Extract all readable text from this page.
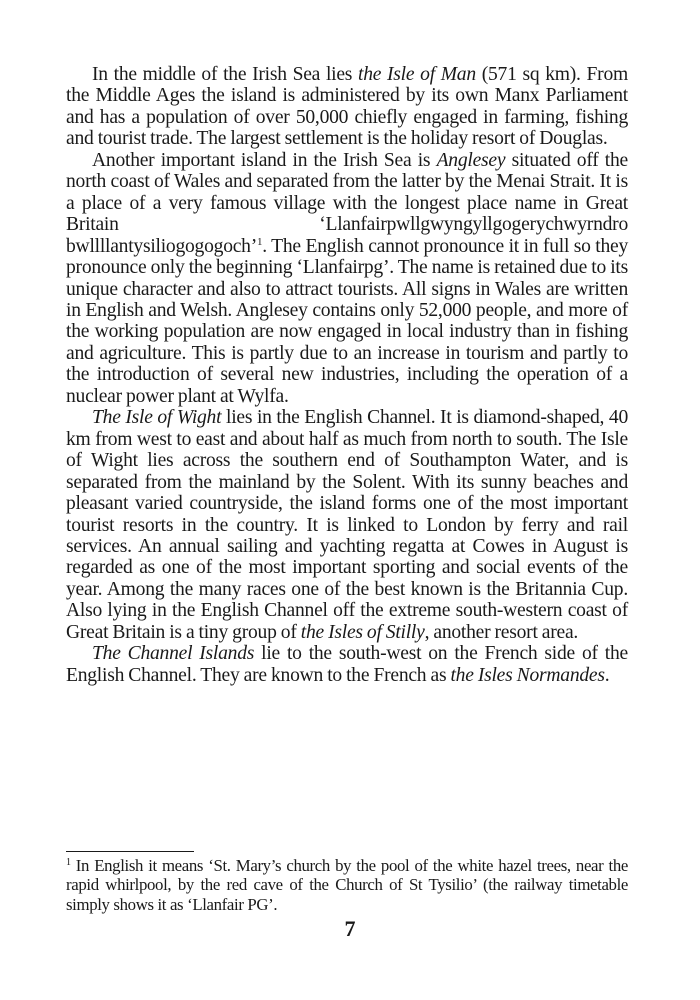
In the middle of the Irish Sea lies the Isle of Man (571 sq km). From the Middle Ages the island is administered by its own Manx Parliament and has a population of over 50,000 chiefly engaged in farming, fishing and tourist trade. The largest settlement is the holiday resort of Douglas.

Another important island in the Irish Sea is Anglesey situated off the north coast of Wales and separated from the latter by the Menai Strait. It is a place of a very famous village with the longest place name in Great Britain ‘Llanfairpwllgwyngyllgogerychwyrndro bwllllantysiliogogogoch’$^1$. The English cannot pronounce it in full so they pronounce only the beginning ‘Llanfairpg’. The name is retained due to its unique character and also to attract tourists. All signs in Wales are written in English and Welsh. Anglesey contains only 52,000 people, and more of the working population are now engaged in local industry than in fishing and agriculture. This is partly due to an increase in tourism and partly to the introduction of several new industries, including the operation of a nuclear power plant at Wylfa.

The Isle of Wight lies in the English Channel. It is diamond-shaped, 40 km from west to east and about half as much from north to south. The Isle of Wight lies across the southern end of Southampton Water, and is separated from the mainland by the Solent. With its sunny beaches and pleasant varied countryside, the island forms one of the most important tourist resorts in the country. It is linked to London by ferry and rail services. An annual sailing and yachting regatta at Cowes in August is regarded as one of the most important sporting and social events of the year. Among the many races one of the best known is the Britannia Cup. Also lying in the English Channel off the extreme south-western coast of Great Britain is a tiny group of the Isles of Stilly, another resort area.

The Channel Islands lie to the south-west on the French side of the English Channel. They are known to the French as the Isles Normandes.

$^1$ In English it means ‘St. Mary’s church by the pool of the white hazel trees, near the rapid whirlpool, by the red cave of the Church of St Tysilio’ (the railway timetable simply shows it as ‘Llanfair PG’.

7
